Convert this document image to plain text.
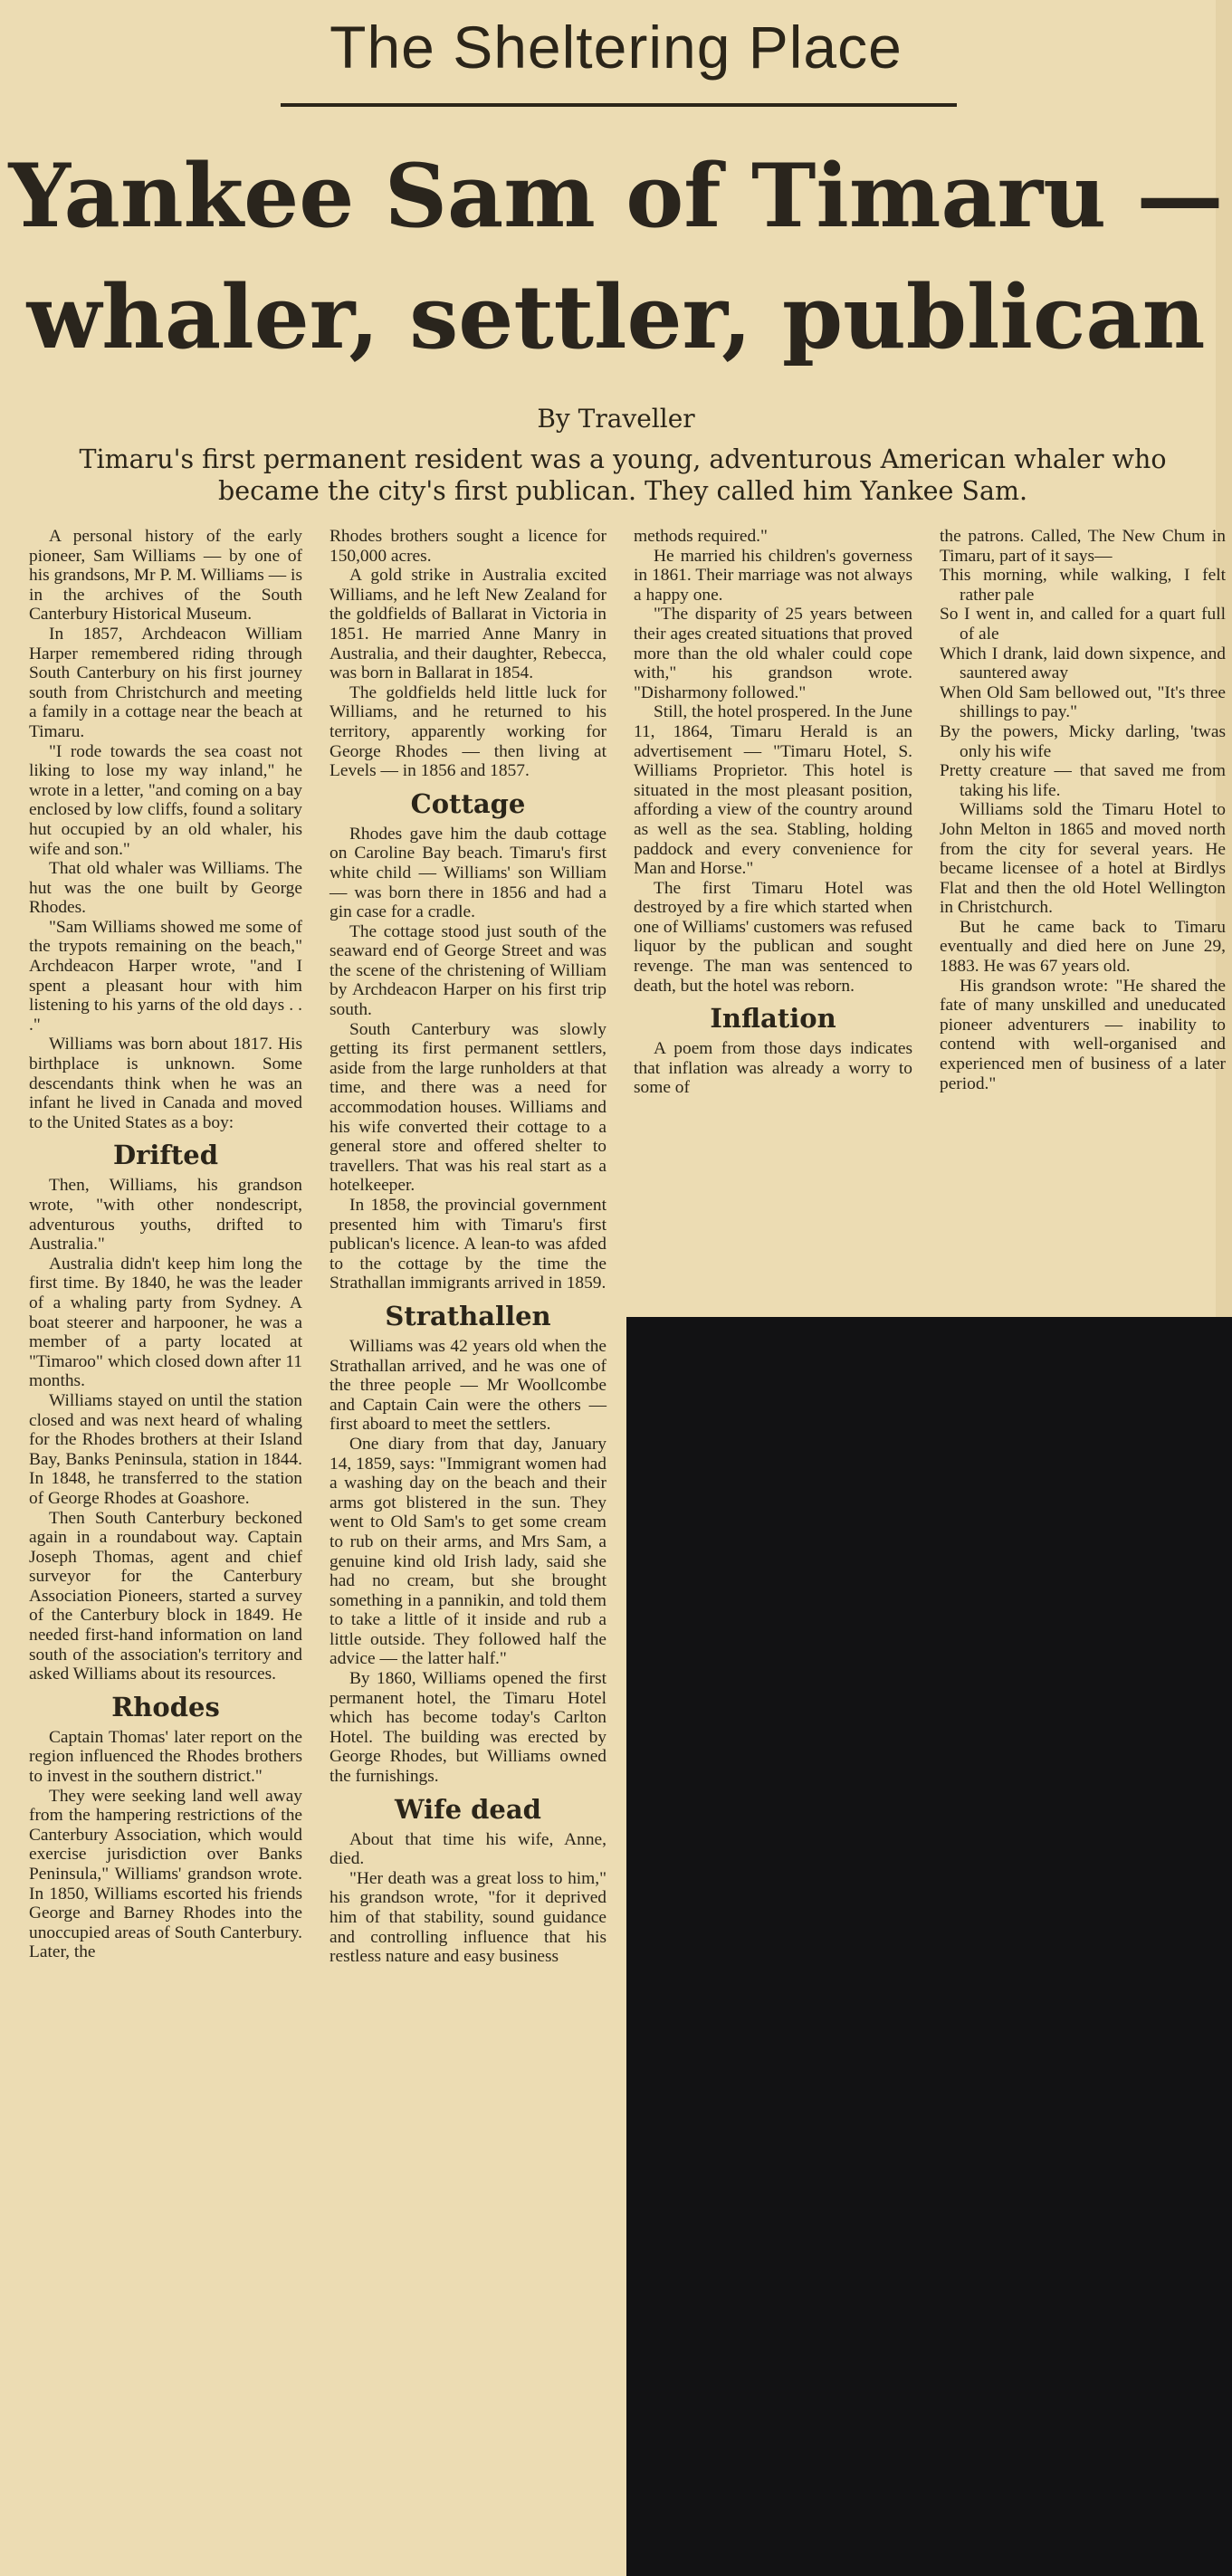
The Sheltering Place
Yankee Sam of Timaru —
whaler, settler, publican
By Traveller
Timaru's first permanent resident was a young, adventurous American whaler who became the city's first publican. They called him Yankee Sam.

A personal history of the early pioneer, Sam Williams — by one of his grandsons, Mr P. M. Williams — is in the archives of the South Canterbury Historical Museum.

In 1857, Archdeacon William Harper remembered riding through South Canterbury on his first journey south from Christchurch and meeting a family in a cottage near the beach at Timaru.

"I rode towards the sea coast not liking to lose my way inland," he wrote in a letter, "and coming on a bay enclosed by low cliffs, found a solitary hut occupied by an old whaler, his wife and son."

That old whaler was Williams. The hut was the one built by George Rhodes.

"Sam Williams showed me some of the trypots remaining on the beach," Archdeacon Harper wrote, "and I spent a pleasant hour with him listening to his yarns of the old days . . ."

Williams was born about 1817. His birthplace is unknown. Some descendants think when he was an infant he lived in Canada and moved to the United States as a boy:

Drifted

Then, Williams, his grandson wrote, "with other nondescript, adventurous youths, drifted to Australia."

Australia didn't keep him long the first time. By 1840, he was the leader of a whaling party from Sydney. A boat steerer and harpooner, he was a member of a party located at "Timaroo" which closed down after 11 months.

Williams stayed on until the station closed and was next heard of whaling for the Rhodes brothers at their Island Bay, Banks Peninsula, station in 1844. In 1848, he transferred to the station of George Rhodes at Goashore.

Then South Canterbury beckoned again in a roundabout way. Captain Joseph Thomas, agent and chief surveyor for the Canterbury Association Pioneers, started a survey of the Canterbury block in 1849. He needed first-hand information on land south of the association's territory and asked Williams about its resources.

Rhodes

Captain Thomas' later report on the region influenced the Rhodes brothers to invest in the southern district."

They were seeking land well away from the hampering restrictions of the Canterbury Association, which would exercise jurisdiction over Banks Peninsula," Williams' grandson wrote. In 1850, Williams escorted his friends George and Barney Rhodes into the unoccupied areas of South Canterbury. Later, the

Rhodes brothers sought a licence for 150,000 acres.

A gold strike in Australia excited Williams, and he left New Zealand for the goldfields of Ballarat in Victoria in 1851. He married Anne Manry in Australia, and their daughter, Rebecca, was born in Ballarat in 1854.

The goldfields held little luck for Williams, and he returned to his territory, apparently working for George Rhodes — then living at Levels — in 1856 and 1857.

Cottage

Rhodes gave him the daub cottage on Caroline Bay beach. Timaru's first white child — Williams' son William — was born there in 1856 and had a gin case for a cradle.

The cottage stood just south of the seaward end of George Street and was the scene of the christening of William by Archdeacon Harper on his first trip south.

South Canterbury was slowly getting its first permanent settlers, aside from the large runholders at that time, and there was a need for accommodation houses. Williams and his wife converted their cottage to a general store and offered shelter to travellers. That was his real start as a hotelkeeper.

In 1858, the provincial government presented him with Timaru's first publican's licence. A lean-to was afded to the cottage by the time the Strathallan immigrants arrived in 1859.

Strathallen

Williams was 42 years old when the Strathallan arrived, and he was one of the three people — Mr Woollcombe and Captain Cain were the others — first aboard to meet the settlers.

One diary from that day, January 14, 1859, says: "Immigrant women had a washing day on the beach and their arms got blistered in the sun. They went to Old Sam's to get some cream to rub on their arms, and Mrs Sam, a genuine kind old Irish lady, said she had no cream, but she brought something in a pannikin, and told them to take a little of it inside and rub a little outside. They followed half the advice — the latter half."

By 1860, Williams opened the first permanent hotel, the Timaru Hotel which has become today's Carlton Hotel. The building was erected by George Rhodes, but Williams owned the furnishings.

Wife dead

About that time his wife, Anne, died.

"Her death was a great loss to him," his grandson wrote, "for it deprived him of that stability, sound guidance and controlling influence that his restless nature and easy business

methods required."

He married his children's governess in 1861. Their marriage was not always a happy one.

"The disparity of 25 years between their ages created situations that proved more than the old whaler could cope with," his grandson wrote. "Disharmony followed."

Still, the hotel prospered. In the June 11, 1864, Timaru Herald is an advertisement — "Timaru Hotel, S. Williams Proprietor. This hotel is situated in the most pleasant position, affording a view of the country around as well as the sea. Stabling, holding paddock and every convenience for Man and Horse."

The first Timaru Hotel was destroyed by a fire which started when one of Williams' customers was refused liquor by the publican and sought revenge. The man was sentenced to death, but the hotel was reborn.

Inflation

A poem from those days indicates that inflation was already a worry to some of

the patrons. Called, The New Chum in Timaru, part of it says—

This morning, while walking, I felt rather pale

So I went in, and called for a quart full of ale

Which I drank, laid down sixpence, and sauntered away

When Old Sam bellowed out, "It's three shillings to pay."

By the powers, Micky darling, 'twas only his wife

Pretty creature — that saved me from taking his life.

Williams sold the Timaru Hotel to John Melton in 1865 and moved north from the city for several years. He became licensee of a hotel at Birdlys Flat and then the old Hotel Wellington in Christchurch.

But he came back to Timaru eventually and died here on June 29, 1883. He was 67 years old.

His grandson wrote: "He shared the fate of many unskilled and uneducated pioneer adventurers — inability to contend with well-organised and experienced men of business of a later period."
